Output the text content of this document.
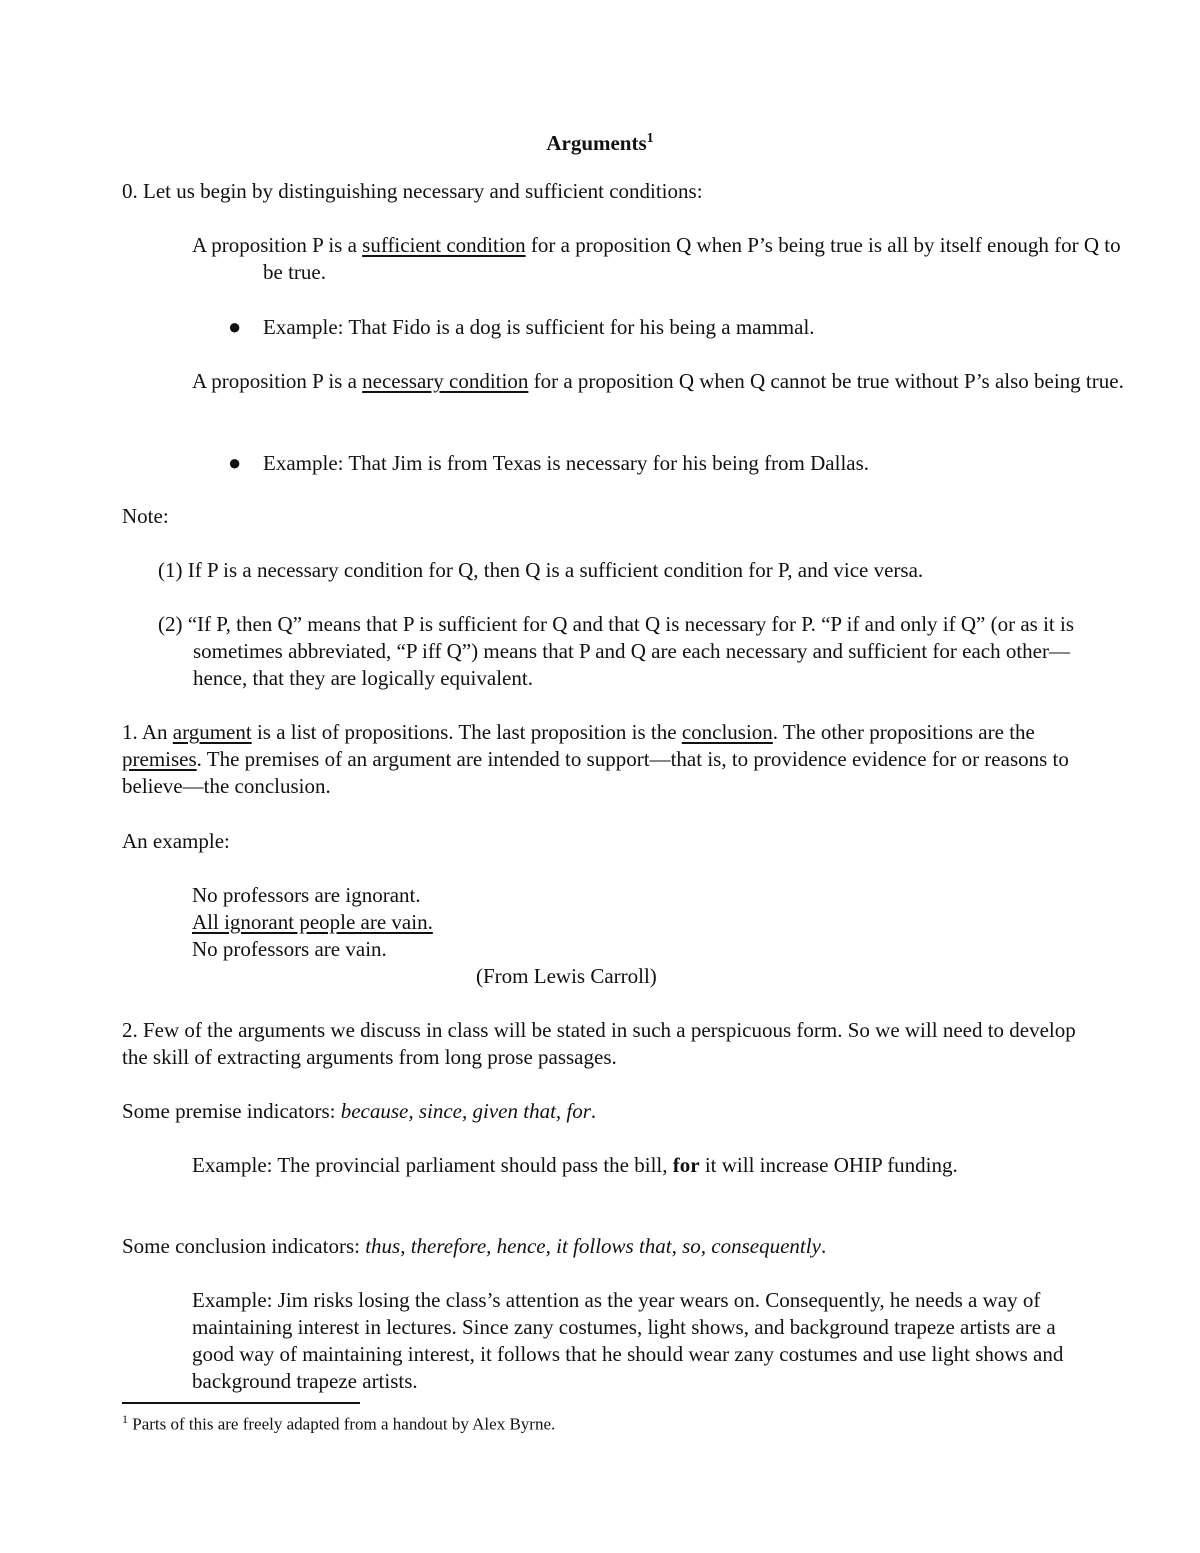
Arguments$^1$

0. Let us begin by distinguishing necessary and sufficient conditions:

A proposition P is a sufficient condition for a proposition Q when P’s being true is all by itself enough for Q to be true.

● Example: That Fido is a dog is sufficient for his being a mammal.

A proposition P is a necessary condition for a proposition Q when Q cannot be true without P’s also being true.

● Example: That Jim is from Texas is necessary for his being from Dallas.

Note:

(1) If P is a necessary condition for Q, then Q is a sufficient condition for P, and vice versa.

(2) “If P, then Q” means that P is sufficient for Q and that Q is necessary for P. “P if and only if Q” (or as it is sometimes abbreviated, “P iff Q”) means that P and Q are each necessary and sufficient for each other—hence, that they are logically equivalent.

1. An argument is a list of propositions. The last proposition is the conclusion. The other propositions are the premises. The premises of an argument are intended to support—that is, to providence evidence for or reasons to believe—the conclusion.

An example:

No professors are ignorant.
All ignorant people are vain.
No professors are vain.

(From Lewis Carroll)

2. Few of the arguments we discuss in class will be stated in such a perspicuous form. So we will need to develop the skill of extracting arguments from long prose passages.

Some premise indicators: because, since, given that, for.

Example: The provincial parliament should pass the bill, for it will increase OHIP funding.

Some conclusion indicators: thus, therefore, hence, it follows that, so, consequently.

Example: Jim risks losing the class’s attention as the year wears on. Consequently, he needs a way of maintaining interest in lectures. Since zany costumes, light shows, and background trapeze artists are a good way of maintaining interest, it follows that he should wear zany costumes and use light shows and background trapeze artists.

$^1$ Parts of this are freely adapted from a handout by Alex Byrne.
